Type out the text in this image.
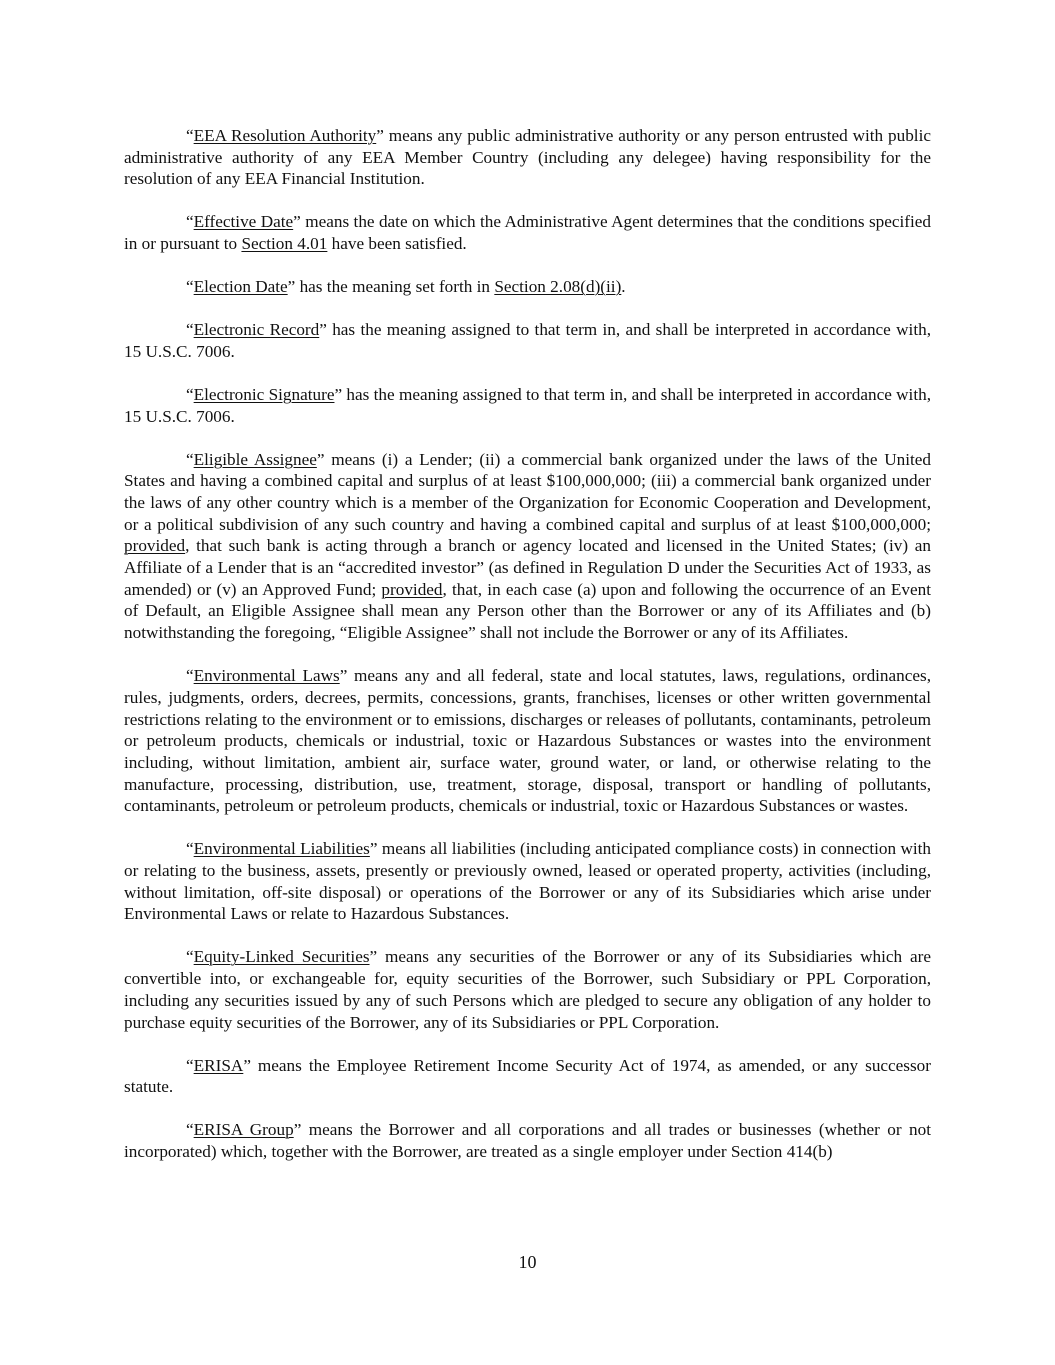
“EEA Resolution Authority” means any public administrative authority or any person entrusted with public administrative authority of any EEA Member Country (including any delegee) having responsibility for the resolution of any EEA Financial Institution.

“Effective Date” means the date on which the Administrative Agent determines that the conditions specified in or pursuant to Section 4.01 have been satisfied.

“Election Date” has the meaning set forth in Section 2.08(d)(ii).

“Electronic Record” has the meaning assigned to that term in, and shall be interpreted in accordance with, 15 U.S.C. 7006.

“Electronic Signature” has the meaning assigned to that term in, and shall be interpreted in accordance with, 15 U.S.C. 7006.

“Eligible Assignee” means (i) a Lender; (ii) a commercial bank organized under the laws of the United States and having a combined capital and surplus of at least $100,000,000; (iii) a commercial bank organized under the laws of any other country which is a member of the Organization for Economic Cooperation and Development, or a political subdivision of any such country and having a combined capital and surplus of at least $100,000,000; provided, that such bank is acting through a branch or agency located and licensed in the United States; (iv) an Affiliate of a Lender that is an “accredited investor” (as defined in Regulation D under the Securities Act of 1933, as amended) or (v) an Approved Fund; provided, that, in each case (a) upon and following the occurrence of an Event of Default, an Eligible Assignee shall mean any Person other than the Borrower or any of its Affiliates and (b) notwithstanding the foregoing, “Eligible Assignee” shall not include the Borrower or any of its Affiliates.

“Environmental Laws” means any and all federal, state and local statutes, laws, regulations, ordinances, rules, judgments, orders, decrees, permits, concessions, grants, franchises, licenses or other written governmental restrictions relating to the environment or to emissions, discharges or releases of pollutants, contaminants, petroleum or petroleum products, chemicals or industrial, toxic or Hazardous Substances or wastes into the environment including, without limitation, ambient air, surface water, ground water, or land, or otherwise relating to the manufacture, processing, distribution, use, treatment, storage, disposal, transport or handling of pollutants, contaminants, petroleum or petroleum products, chemicals or industrial, toxic or Hazardous Substances or wastes.

“Environmental Liabilities” means all liabilities (including anticipated compliance costs) in connection with or relating to the business, assets, presently or previously owned, leased or operated property, activities (including, without limitation, off-site disposal) or operations of the Borrower or any of its Subsidiaries which arise under Environmental Laws or relate to Hazardous Substances.

“Equity-Linked Securities” means any securities of the Borrower or any of its Subsidiaries which are convertible into, or exchangeable for, equity securities of the Borrower, such Subsidiary or PPL Corporation, including any securities issued by any of such Persons which are pledged to secure any obligation of any holder to purchase equity securities of the Borrower, any of its Subsidiaries or PPL Corporation.

“ERISA” means the Employee Retirement Income Security Act of 1974, as amended, or any successor statute.

“ERISA Group” means the Borrower and all corporations and all trades or businesses (whether or not incorporated) which, together with the Borrower, are treated as a single employer under Section 414(b)

10
